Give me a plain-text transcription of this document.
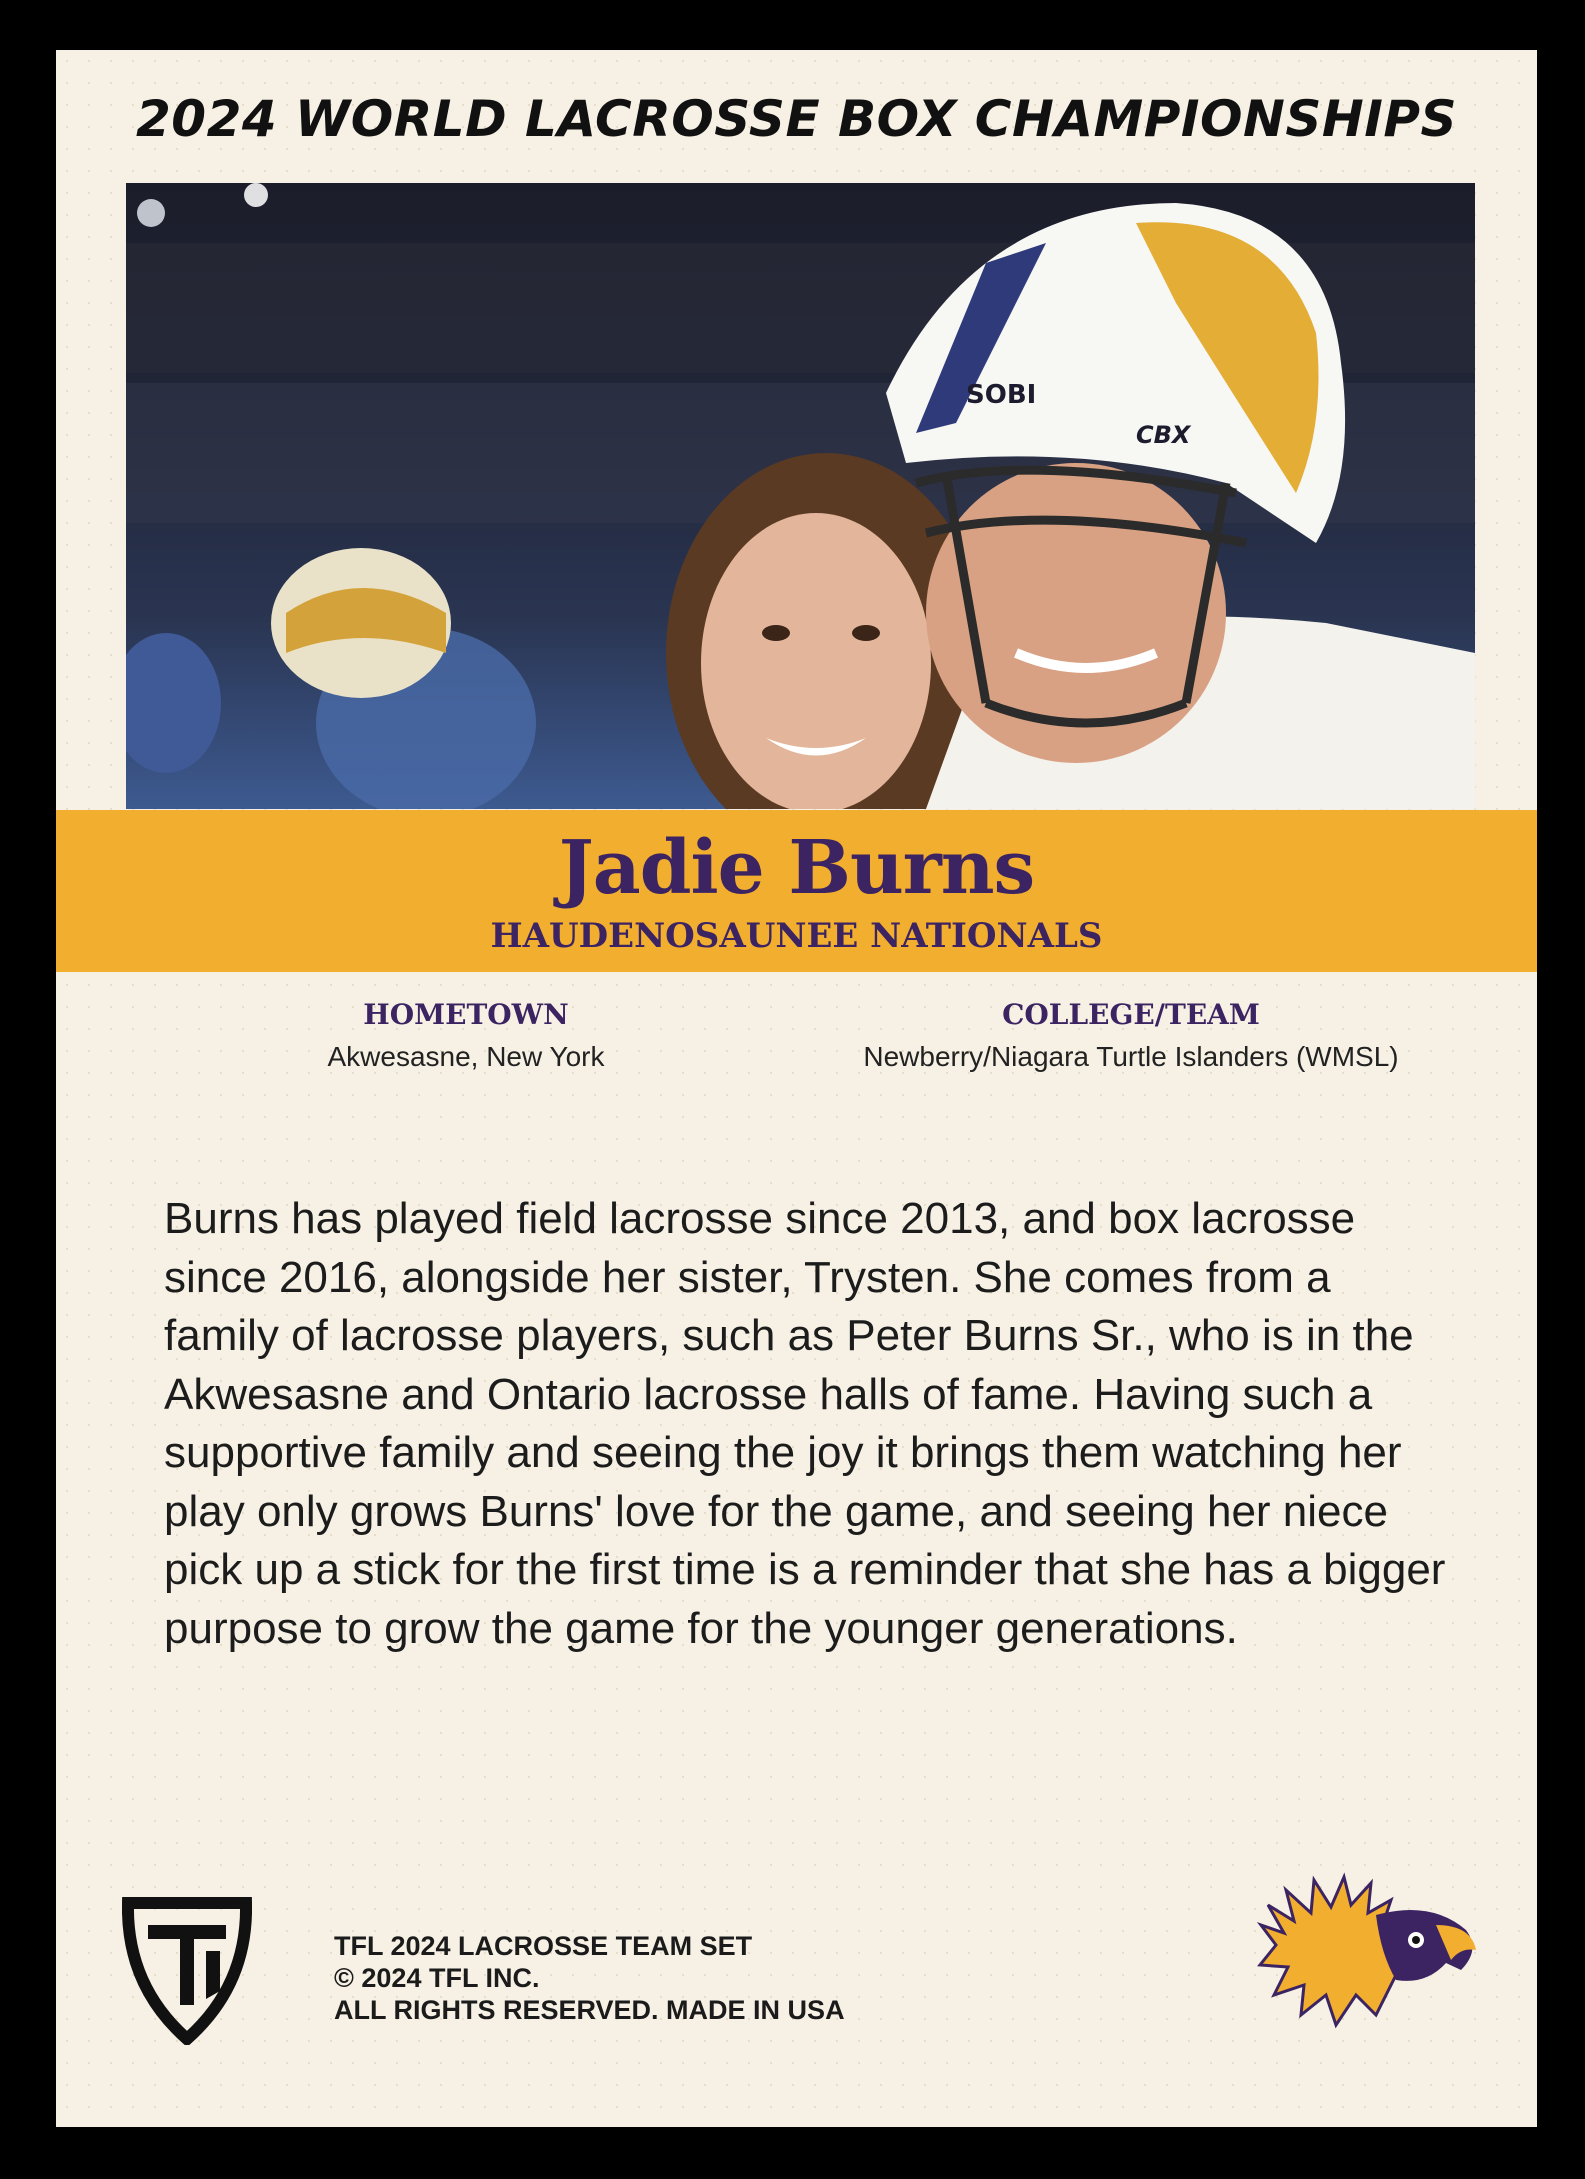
2024 WORLD LACROSSE BOX CHAMPIONSHIPS
SOBI
CBX
Jadie Burns
HAUDENOSAUNEE NATIONALS
HOMETOWN
Akwesasne, New York
COLLEGE/TEAM
Newberry/Niagara Turtle Islanders (WMSL)
Burns has played field lacrosse since 2013, and box lacrosse since 2016, alongside her sister, Trysten. She comes from a family of lacrosse players, such as Peter Burns Sr., who is in the Akwesasne and Ontario lacrosse halls of fame. Having such a supportive family and seeing the joy it brings them watching her play only grows Burns' love for the game, and seeing her niece pick up a stick for the first time is a reminder that she has a bigger purpose to grow the game for the younger generations.
TFL 2024 LACROSSE TEAM SET
© 2024 TFL INC.
ALL RIGHTS RESERVED. MADE IN USA
